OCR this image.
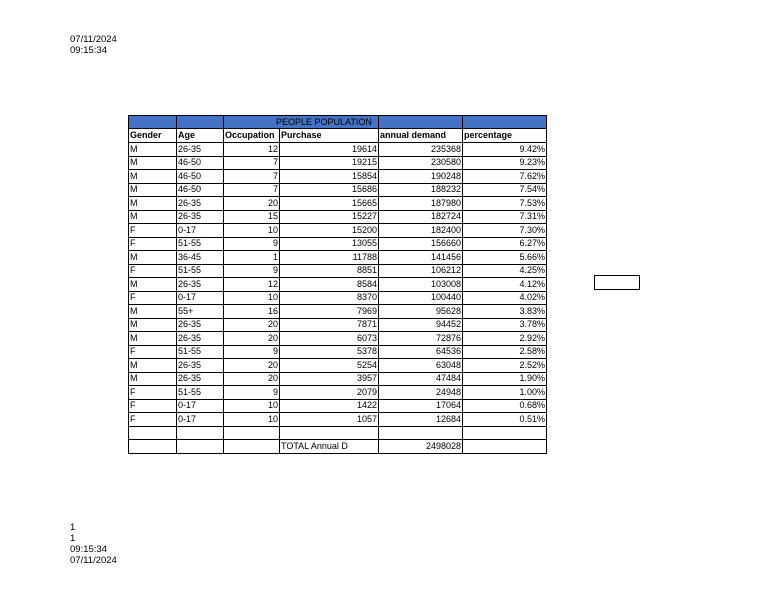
07/11/2024
09:15:34
		PEOPLE POPULATION			
Gender	Age	Occupation	Purchase	annual demand	percentage
M	26-35	12	19614	235368	9.42%
M	46-50	7	19215	230580	9.23%
M	46-50	7	15854	190248	7.62%
M	46-50	7	15686	188232	7.54%
M	26-35	20	15665	187980	7.53%
M	26-35	15	15227	182724	7.31%
F	0-17	10	15200	182400	7.30%
F	51-55	9	13055	156660	6.27%
M	36-45	1	11788	141456	5.66%
F	51-55	9	8851	106212	4.25%
M	26-35	12	8584	103008	4.12%
F	0-17	10	8370	100440	4.02%
M	55+	16	7969	95628	3.83%
M	26-35	20	7871	94452	3.78%
M	26-35	20	6073	72876	2.92%
F	51-55	9	5378	64536	2.58%
M	26-35	20	5254	63048	2.52%
M	26-35	20	3957	47484	1.90%
F	51-55	9	2079	24948	1.00%
F	0-17	10	1422	17064	0.68%
F	0-17	10	1057	12684	0.51%

			TOTAL Annual D	2498028	
1
1
09:15:34
07/11/2024
